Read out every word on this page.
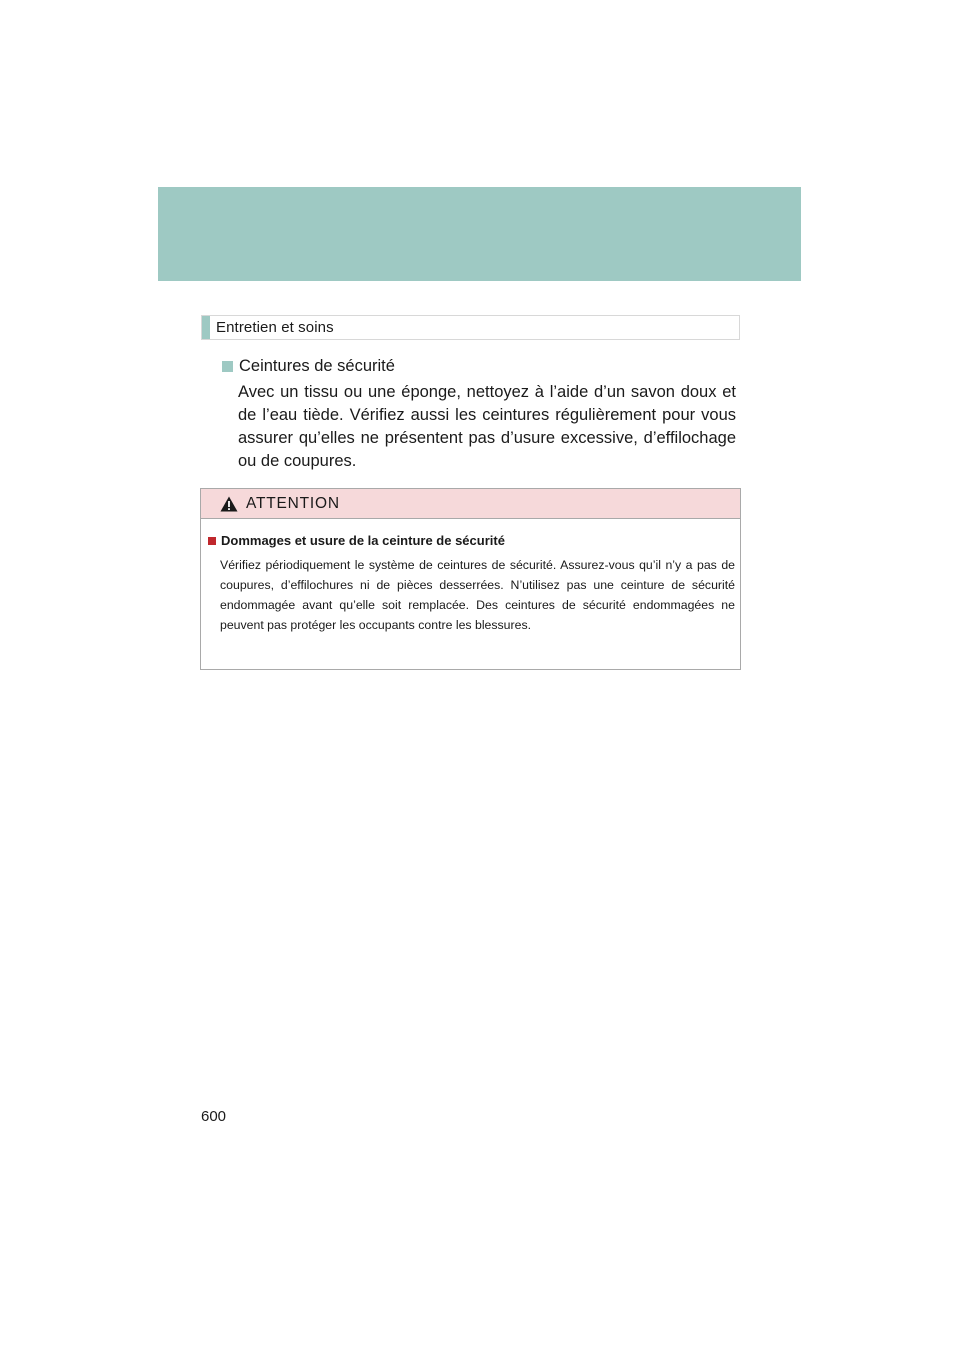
Entretien et soins
Ceintures de sécurité

Avec un tissu ou une éponge, nettoyez à l’aide d’un savon doux et de l’eau tiède. Vérifiez aussi les ceintures régulièrement pour vous assurer qu’elles ne présentent pas d’usure excessive, d’effilochage ou de coupures.

ATTENTION
Dommages et usure de la ceinture de sécurité

Vérifiez périodiquement le système de ceintures de sécurité. Assurez-vous qu’il n’y a pas de coupures, d’effilochures ni de pièces desserrées. N’utilisez pas une ceinture de sécurité endommagée avant qu’elle soit remplacée. Des ceintures de sécurité endommagées ne peuvent pas protéger les occupants contre les blessures.

600
